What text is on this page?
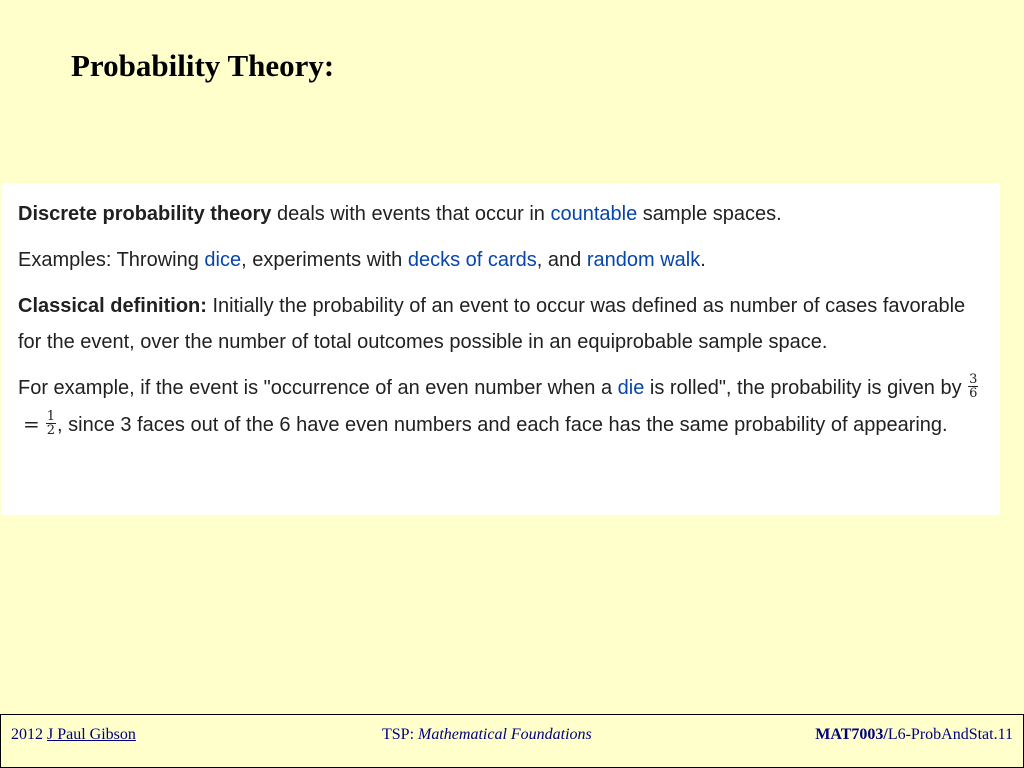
Probability Theory:

Discrete probability theory deals with events that occur in countable sample spaces.

Examples: Throwing dice, experiments with decks of cards, and random walk.

Classical definition: Initially the probability of an event to occur was defined as number of cases favorable for the event, over the number of total outcomes possible in an equiprobable sample space.

For example, if the event is "occurrence of an even number when a die is rolled", the probability is given by $\frac{3}{6}$
= $\frac{1}{2}$ , since 3 faces out of the 6 have even numbers and each face has the same probability of appearing.

2012 J Paul Gibson	TSP: Mathematical Foundations	MAT7003/L6-ProbAndStat.11
